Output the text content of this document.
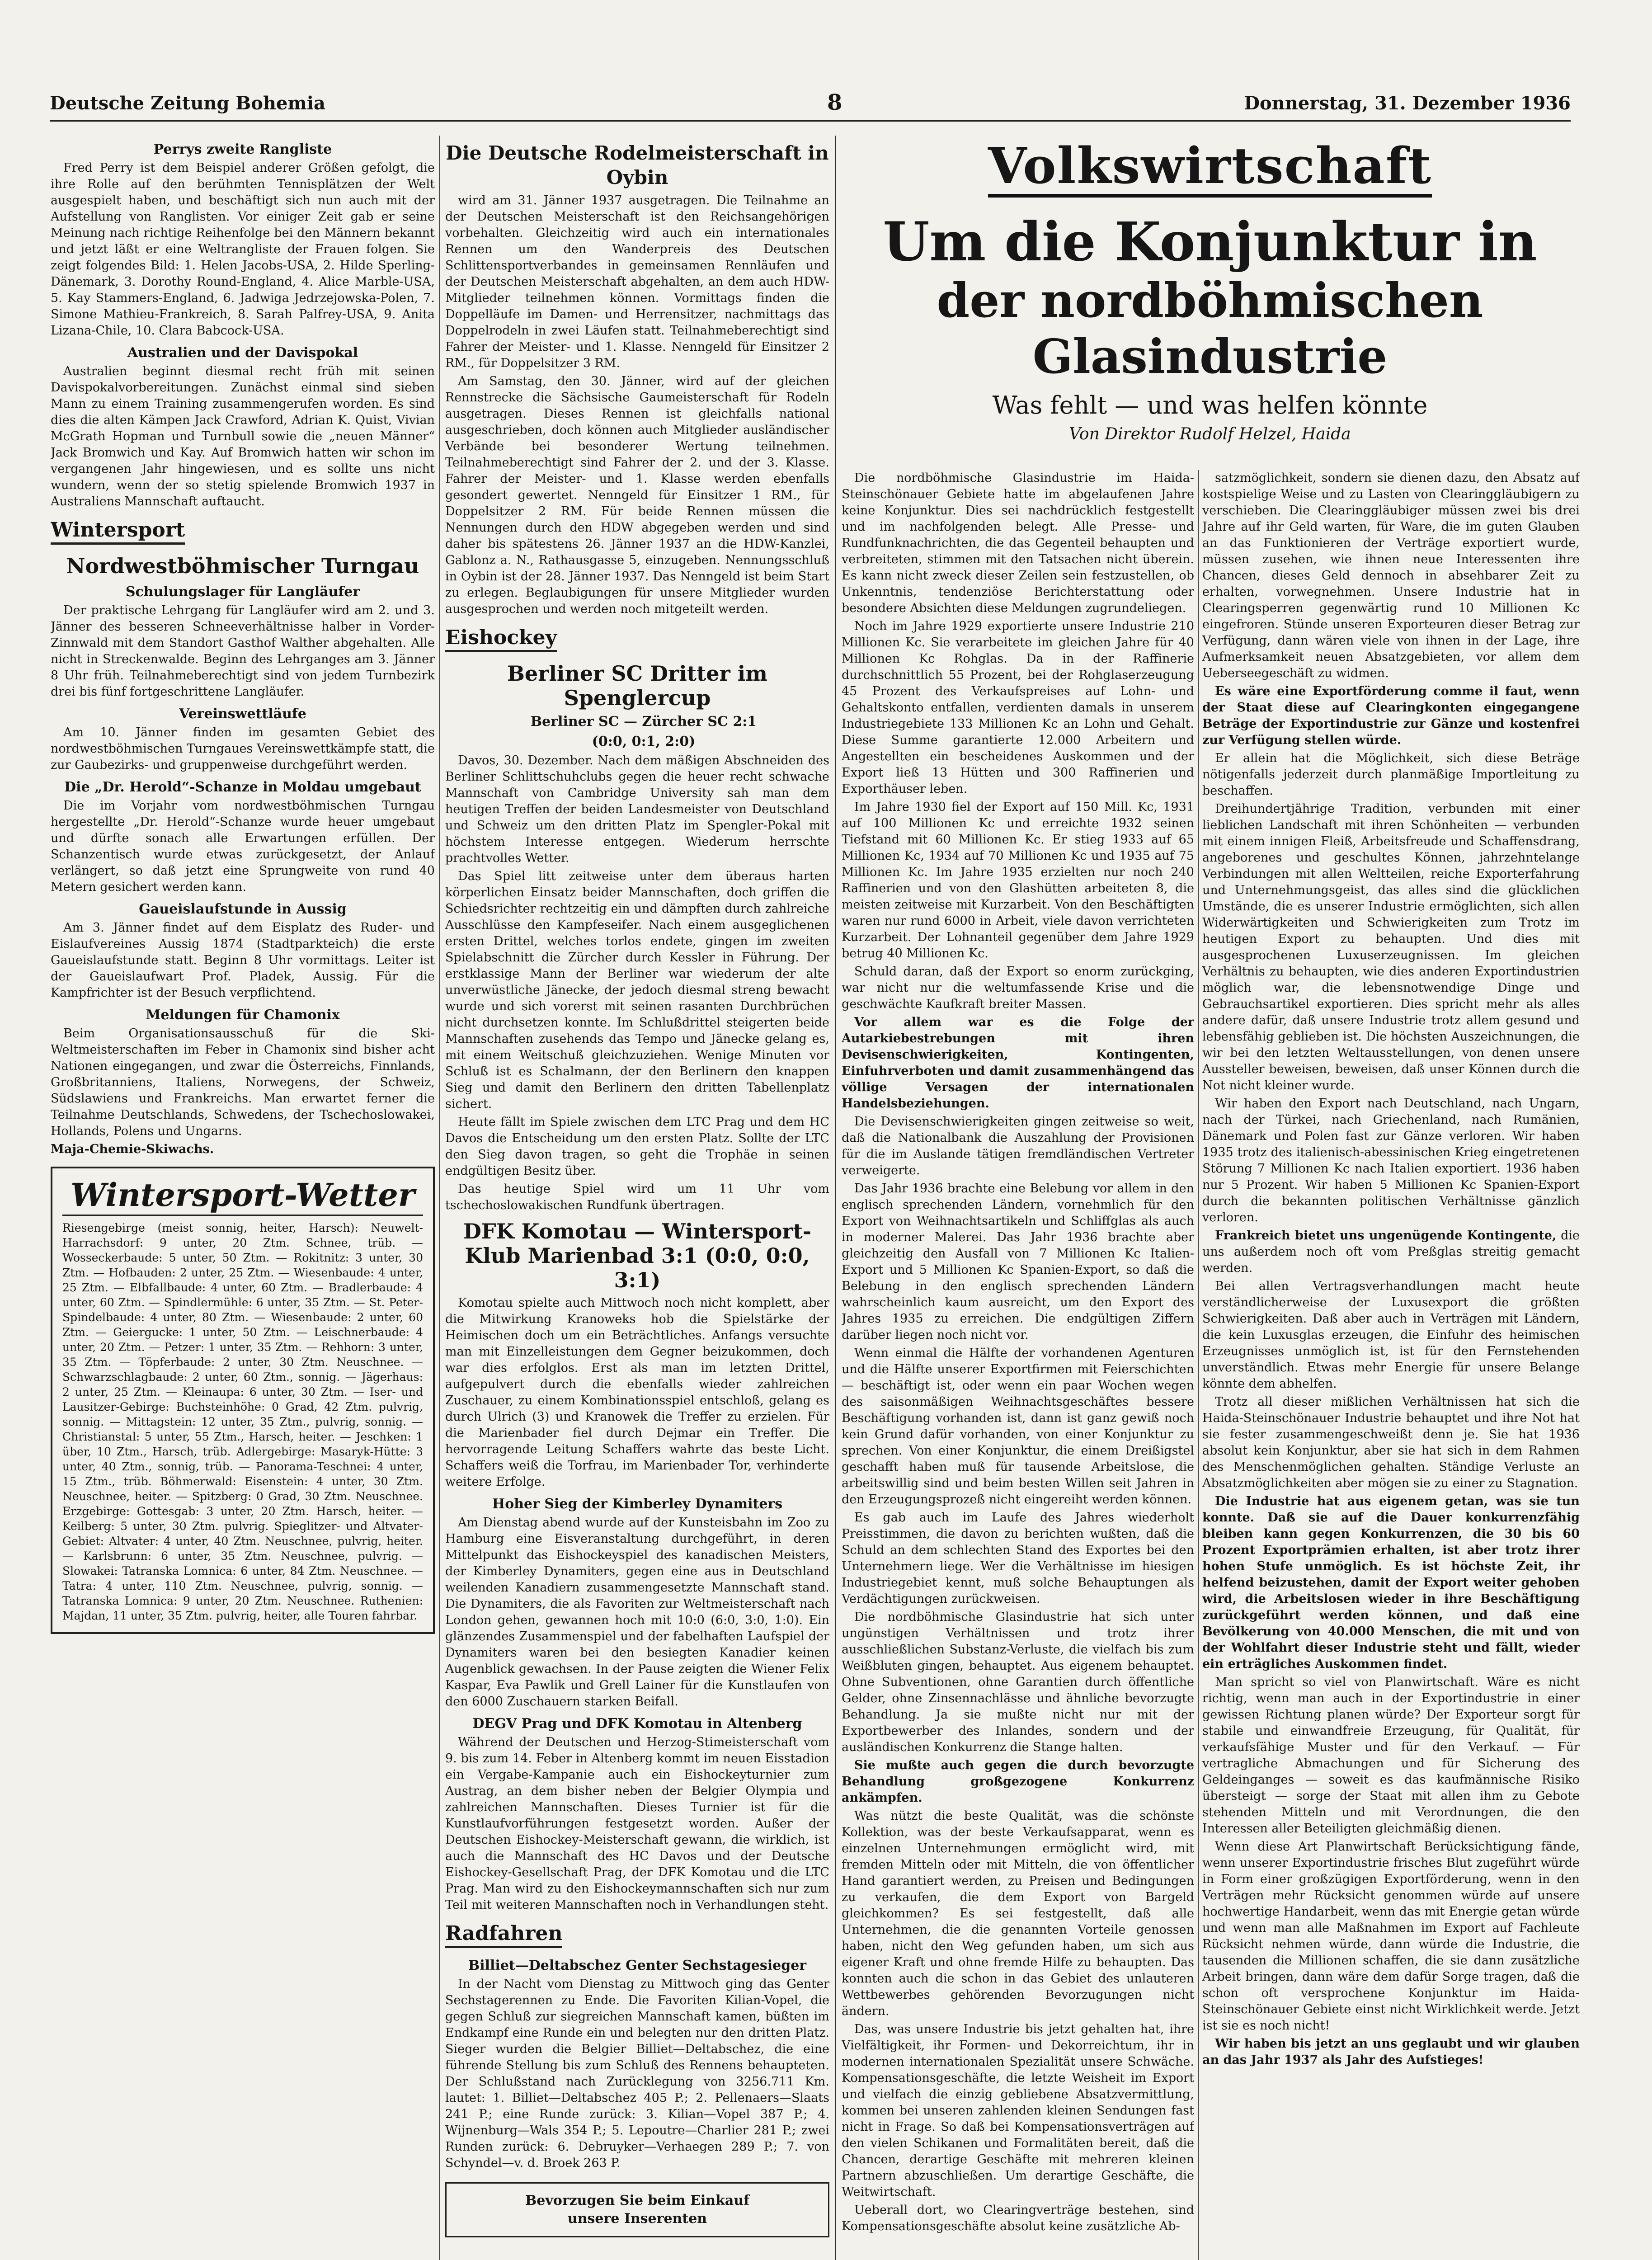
Deutsche Zeitung Bohemia	8	Donnerstag, 31. Dezember 1936
Perrys zweite Rangliste

Fred Perry ist dem Beispiel anderer Größen gefolgt, die ihre Rolle auf den berühmten Tennisplätzen der Welt ausgespielt haben, und beschäftigt sich nun auch mit der Aufstellung von Ranglisten. Vor einiger Zeit gab er seine Meinung nach richtige Reihenfolge bei den Männern bekannt und jetzt läßt er eine Weltrangliste der Frauen folgen. Sie zeigt folgendes Bild: 1. Helen Jacobs-USA, 2. Hilde Sperling-Dänemark, 3. Dorothy Round-England, 4. Alice Marble-USA, 5. Kay Stammers-England, 6. Jadwiga Jedrzejowska-Polen, 7. Simone Mathieu-Frankreich, 8. Sarah Palfrey-USA, 9. Anita Lizana-Chile, 10. Clara Babcock-USA.

Australien und der Davispokal

Australien beginnt diesmal recht früh mit seinen Davispokalvorbereitungen. Zunächst einmal sind sieben Mann zu einem Training zusammengerufen worden. Es sind dies die alten Kämpen Jack Crawford, Adrian K. Quist, Vivian McGrath Hopman und Turnbull sowie die „neuen Männer“ Jack Bromwich und Kay. Auf Bromwich hatten wir schon im vergangenen Jahr hingewiesen, und es sollte uns nicht wundern, wenn der so stetig spielende Bromwich 1937 in Australiens Mannschaft auftaucht.

Wintersport
Nordwestböhmischer Turngau
Schulungslager für Langläufer

Der praktische Lehrgang für Langläufer wird am 2. und 3. Jänner des besseren Schneeverhältnisse halber in Vorder-Zinnwald mit dem Standort Gasthof Walther abgehalten. Alle nicht in Streckenwalde. Beginn des Lehrganges am 3. Jänner 8 Uhr früh. Teilnahmeberechtigt sind von jedem Turnbezirk drei bis fünf fortgeschrittene Langläufer.

Vereinswettläufe

Am 10. Jänner finden im gesamten Gebiet des nordwestböhmischen Turngaues Vereinswettkämpfe statt, die zur Gaubezirks- und gruppenweise durchgeführt werden.

Die „Dr. Herold“-Schanze in Moldau umgebaut

Die im Vorjahr vom nordwestböhmischen Turngau hergestellte „Dr. Herold“-Schanze wurde heuer umgebaut und dürfte sonach alle Erwartungen erfüllen. Der Schanzentisch wurde etwas zurückgesetzt, der Anlauf verlängert, so daß jetzt eine Sprungweite von rund 40 Metern gesichert werden kann.

Gaueislaufstunde in Aussig

Am 3. Jänner findet auf dem Eisplatz des Ruder- und Eislaufvereines Aussig 1874 (Stadtparkteich) die erste Gaueislaufstunde statt. Beginn 8 Uhr vormittags. Leiter ist der Gaueislaufwart Prof. Pladek, Aussig. Für die Kampfrichter ist der Besuch verpflichtend.

Meldungen für Chamonix

Beim Organisationsausschuß für die Ski-Weltmeisterschaften im Feber in Chamonix sind bisher acht Nationen eingegangen, und zwar die Österreichs, Finnlands, Großbritanniens, Italiens, Norwegens, der Schweiz, Südslawiens und Frankreichs. Man erwartet ferner die Teilnahme Deutschlands, Schwedens, der Tschechoslowakei, Hollands, Polens und Ungarns.

Maja-Chemie-Skiwachs.

Wintersport-Wetter

Riesengebirge (meist sonnig, heiter, Harsch): Neuwelt-Harrachsdorf: 9 unter, 20 Ztm. Schnee, trüb. — Wosseckerbaude: 5 unter, 50 Ztm. — Rokitnitz: 3 unter, 30 Ztm. — Hofbauden: 2 unter, 25 Ztm. — Wiesenbaude: 4 unter, 25 Ztm. — Elbfallbaude: 4 unter, 60 Ztm. — Bradlerbaude: 4 unter, 60 Ztm. — Spindlermühle: 6 unter, 35 Ztm. — St. Peter-Spindelbaude: 4 unter, 80 Ztm. — Wiesenbaude: 2 unter, 60 Ztm. — Geiergucke: 1 unter, 50 Ztm. — Leischnerbaude: 4 unter, 20 Ztm. — Petzer: 1 unter, 35 Ztm. — Rehhorn: 3 unter, 35 Ztm. — Töpferbaude: 2 unter, 30 Ztm. Neuschnee. — Schwarzschlagbaude: 2 unter, 60 Ztm., sonnig. — Jägerhaus: 2 unter, 25 Ztm. — Kleinaupa: 6 unter, 30 Ztm. — Iser- und Lausitzer-Gebirge: Buchsteinhöhe: 0 Grad, 42 Ztm. pulvrig, sonnig. — Mittagstein: 12 unter, 35 Ztm., pulvrig, sonnig. — Christianstal: 5 unter, 55 Ztm., Harsch, heiter. — Jeschken: 1 über, 10 Ztm., Harsch, trüb. Adlergebirge: Masaryk-Hütte: 3 unter, 40 Ztm., sonnig, trüb. — Panorama-Teschnei: 4 unter, 15 Ztm., trüb. Böhmerwald: Eisenstein: 4 unter, 30 Ztm. Neuschnee, heiter. — Spitzberg: 0 Grad, 30 Ztm. Neuschnee. Erzgebirge: Gottesgab: 3 unter, 20 Ztm. Harsch, heiter. — Keilberg: 5 unter, 30 Ztm. pulvrig. Spieglitzer- und Altvater-Gebiet: Altvater: 4 unter, 40 Ztm. Neuschnee, pulvrig, heiter. — Karlsbrunn: 6 unter, 35 Ztm. Neuschnee, pulvrig. — Slowakei: Tatranska Lomnica: 6 unter, 84 Ztm. Neuschnee. — Tatra: 4 unter, 110 Ztm. Neuschnee, pulvrig, sonnig. — Tatranska Lomnica: 9 unter, 20 Ztm. Neuschnee. Ruthenien: Majdan, 11 unter, 35 Ztm. pulvrig, heiter, alle Touren fahrbar.

Die Deutsche Rodelmeisterschaft in Oybin

wird am 31. Jänner 1937 ausgetragen. Die Teilnahme an der Deutschen Meisterschaft ist den Reichsangehörigen vorbehalten. Gleichzeitig wird auch ein internationales Rennen um den Wanderpreis des Deutschen Schlittensportverbandes in gemeinsamen Rennläufen und der Deutschen Meisterschaft abgehalten, an dem auch HDW-Mitglieder teilnehmen können. Vormittags finden die Doppelläufe im Damen- und Herrensitzer, nachmittags das Doppelrodeln in zwei Läufen statt. Teilnahmeberechtigt sind Fahrer der Meister- und 1. Klasse. Nenngeld für Einsitzer 2 RM., für Doppelsitzer 3 RM.

Am Samstag, den 30. Jänner, wird auf der gleichen Rennstrecke die Sächsische Gaumeisterschaft für Rodeln ausgetragen. Dieses Rennen ist gleichfalls national ausgeschrieben, doch können auch Mitglieder ausländischer Verbände bei besonderer Wertung teilnehmen. Teilnahmeberechtigt sind Fahrer der 2. und der 3. Klasse. Fahrer der Meister- und 1. Klasse werden ebenfalls gesondert gewertet. Nenngeld für Einsitzer 1 RM., für Doppelsitzer 2 RM. Für beide Rennen müssen die Nennungen durch den HDW abgegeben werden und sind daher bis spätestens 26. Jänner 1937 an die HDW-Kanzlei, Gablonz a. N., Rathausgasse 5, einzugeben. Nennungsschluß in Oybin ist der 28. Jänner 1937. Das Nenngeld ist beim Start zu erlegen. Beglaubigungen für unsere Mitglieder wurden ausgesprochen und werden noch mitgeteilt werden.

Eishockey
Berliner SC Dritter im Spenglercup

Berliner SC — Zürcher SC 2:1

(0:0, 0:1, 2:0)

Davos, 30. Dezember. Nach dem mäßigen Abschneiden des Berliner Schlittschuhclubs gegen die heuer recht schwache Mannschaft von Cambridge University sah man dem heutigen Treffen der beiden Landesmeister von Deutschland und Schweiz um den dritten Platz im Spengler-Pokal mit höchstem Interesse entgegen. Wiederum herrschte prachtvolles Wetter.

Das Spiel litt zeitweise unter dem überaus harten körperlichen Einsatz beider Mannschaften, doch griffen die Schiedsrichter rechtzeitig ein und dämpften durch zahlreiche Ausschlüsse den Kampfeseifer. Nach einem ausgeglichenen ersten Drittel, welches torlos endete, gingen im zweiten Spielabschnitt die Zürcher durch Kessler in Führung. Der erstklassige Mann der Berliner war wiederum der alte unverwüstliche Jänecke, der jedoch diesmal streng bewacht wurde und sich vorerst mit seinen rasanten Durchbrüchen nicht durchsetzen konnte. Im Schlußdrittel steigerten beide Mannschaften zusehends das Tempo und Jänecke gelang es, mit einem Weitschuß gleichzuziehen. Wenige Minuten vor Schluß ist es Schalmann, der den Berlinern den knappen Sieg und damit den Berlinern den dritten Tabellenplatz sichert.

Heute fällt im Spiele zwischen dem LTC Prag und dem HC Davos die Entscheidung um den ersten Platz. Sollte der LTC den Sieg davon tragen, so geht die Trophäe in seinen endgültigen Besitz über.

Das heutige Spiel wird um 11 Uhr vom tschechoslowakischen Rundfunk übertragen.

DFK Komotau — Wintersport-Klub Marienbad 3:1 (0:0, 0:0, 3:1)

Komotau spielte auch Mittwoch noch nicht komplett, aber die Mitwirkung Kranoweks hob die Spielstärke der Heimischen doch um ein Beträchtliches. Anfangs versuchte man mit Einzelleistungen dem Gegner beizukommen, doch war dies erfolglos. Erst als man im letzten Drittel, aufgepulvert durch die ebenfalls wieder zahlreichen Zuschauer, zu einem Kombinationsspiel entschloß, gelang es durch Ulrich (3) und Kranowek die Treffer zu erzielen. Für die Marienbader fiel durch Dejmar ein Treffer. Die hervorragende Leitung Schaffers wahrte das beste Licht. Schaffers weiß die Torfrau, im Marienbader Tor, verhinderte weitere Erfolge.

Hoher Sieg der Kimberley Dynamiters

Am Dienstag abend wurde auf der Kunsteisbahn im Zoo zu Hamburg eine Eisveranstaltung durchgeführt, in deren Mittelpunkt das Eishockeyspiel des kanadischen Meisters, der Kimberley Dynamiters, gegen eine aus in Deutschland weilenden Kanadiern zusammengesetzte Mannschaft stand. Die Dynamiters, die als Favoriten zur Weltmeisterschaft nach London gehen, gewannen hoch mit 10:0 (6:0, 3:0, 1:0). Ein glänzendes Zusammenspiel und der fabelhaften Laufspiel der Dynamiters waren bei den besiegten Kanadier keinen Augenblick gewachsen. In der Pause zeigten die Wiener Felix Kaspar, Eva Pawlik und Grell Lainer für die Kunstlaufen von den 6000 Zuschauern starken Beifall.

DEGV Prag und DFK Komotau in Altenberg

Während der Deutschen und Herzog-Stimeisterschaft vom 9. bis zum 14. Feber in Altenberg kommt im neuen Eisstadion ein Vergabe-Kampanie auch ein Eishockeyturnier zum Austrag, an dem bisher neben der Belgier Olympia und zahlreichen Mannschaften. Dieses Turnier ist für die Kunstlaufvorführungen festgesetzt worden. Außer der Deutschen Eishockey-Meisterschaft gewann, die wirklich, ist auch die Mannschaft des HC Davos und der Deutsche Eishockey-Gesellschaft Prag, der DFK Komotau und die LTC Prag. Man wird zu den Eishockeymannschaften sich nur zum Teil mit weiteren Mannschaften noch in Verhandlungen steht.

Radfahren
Billiet—Deltabschez Genter Sechstagesieger

In der Nacht vom Dienstag zu Mittwoch ging das Genter Sechstagerennen zu Ende. Die Favoriten Kilian-Vopel, die gegen Schluß zur siegreichen Mannschaft kamen, büßten im Endkampf eine Runde ein und belegten nur den dritten Platz. Sieger wurden die Belgier Billiet—Deltabschez, die eine führende Stellung bis zum Schluß des Rennens behaupteten. Der Schlußstand nach Zurücklegung von 3256.711 Km. lautet: 1. Billiet—Deltabschez 405 P.; 2. Pellenaers—Slaats 241 P.; eine Runde zurück: 3. Kilian—Vopel 387 P.; 4. Wijnenburg—Wals 354 P.; 5. Lepoutre—Charlier 281 P.; zwei Runden zurück: 6. Debruyker—Verhaegen 289 P.; 7. von Schyndel—v. d. Broek 263 P.

Bevorzugen Sie beim Einkauf
unsere Inserenten
Volkswirtschaft
Um die Konjunktur in
der nordböhmischen Glasindustrie
Was fehlt — und was helfen könnte
Von Direktor Rudolf Helzel, Haida

Die nordböhmische Glasindustrie im Haida-Steinschönauer Gebiete hatte im abgelaufenen Jahre keine Konjunktur. Dies sei nachdrücklich festgestellt und im nachfolgenden belegt. Alle Presse- und Rundfunknachrichten, die das Gegenteil behaupten und verbreiteten, stimmen mit den Tatsachen nicht überein. Es kann nicht zweck dieser Zeilen sein festzustellen, ob Unkenntnis, tendenziöse Berichterstattung oder besondere Absichten diese Meldungen zugrundeliegen.

Noch im Jahre 1929 exportierte unsere Industrie 210 Millionen Kc. Sie verarbeitete im gleichen Jahre für 40 Millionen Kc Rohglas. Da in der Raffinerie durchschnittlich 55 Prozent, bei der Rohglaserzeugung 45 Prozent des Verkaufspreises auf Lohn- und Gehaltskonto entfallen, verdienten damals in unserem Industriegebiete 133 Millionen Kc an Lohn und Gehalt. Diese Summe garantierte 12.000 Arbeitern und Angestellten ein bescheidenes Auskommen und der Export ließ 13 Hütten und 300 Raffinerien und Exporthäuser leben.

Im Jahre 1930 fiel der Export auf 150 Mill. Kc, 1931 auf 100 Millionen Kc und erreichte 1932 seinen Tiefstand mit 60 Millionen Kc. Er stieg 1933 auf 65 Millionen Kc, 1934 auf 70 Millionen Kc und 1935 auf 75 Millionen Kc. Im Jahre 1935 erzielten nur noch 240 Raffinerien und von den Glashütten arbeiteten 8, die meisten zeitweise mit Kurzarbeit. Von den Beschäftigten waren nur rund 6000 in Arbeit, viele davon verrichteten Kurzarbeit. Der Lohnanteil gegenüber dem Jahre 1929 betrug 40 Millionen Kc.

Schuld daran, daß der Export so enorm zurückging, war nicht nur die weltumfassende Krise und die geschwächte Kaufkraft breiter Massen.

Vor allem war es die Folge der Autarkiebestrebungen mit ihren Devisenschwierigkeiten, Kontingenten, Einfuhrverboten und damit zusammenhängend das völlige Versagen der internationalen Handelsbeziehungen.

Die Devisenschwierigkeiten gingen zeitweise so weit, daß die Nationalbank die Auszahlung der Provisionen für die im Auslande tätigen fremdländischen Vertreter verweigerte.

Das Jahr 1936 brachte eine Belebung vor allem in den englisch sprechenden Ländern, vornehmlich für den Export von Weihnachtsartikeln und Schliffglas als auch in moderner Malerei. Das Jahr 1936 brachte aber gleichzeitig den Ausfall von 7 Millionen Kc Italien-Export und 5 Millionen Kc Spanien-Export, so daß die Belebung in den englisch sprechenden Ländern wahrscheinlich kaum ausreicht, um den Export des Jahres 1935 zu erreichen. Die endgültigen Ziffern darüber liegen noch nicht vor.

Wenn einmal die Hälfte der vorhandenen Agenturen und die Hälfte unserer Exportfirmen mit Feierschichten — beschäftigt ist, oder wenn ein paar Wochen wegen des saisonmäßigen Weihnachtsgeschäftes bessere Beschäftigung vorhanden ist, dann ist ganz gewiß noch kein Grund dafür vorhanden, von einer Konjunktur zu sprechen. Von einer Konjunktur, die einem Dreißigstel geschafft haben muß für tausende Arbeitslose, die arbeitswillig sind und beim besten Willen seit Jahren in den Erzeugungsprozeß nicht eingereiht werden können.

Es gab auch im Laufe des Jahres wiederholt Preisstimmen, die davon zu berichten wußten, daß die Schuld an dem schlechten Stand des Exportes bei den Unternehmern liege. Wer die Verhältnisse im hiesigen Industriegebiet kennt, muß solche Behauptungen als Verdächtigungen zurückweisen.

Die nordböhmische Glasindustrie hat sich unter ungünstigen Verhältnissen und trotz ihrer ausschließlichen Substanz-Verluste, die vielfach bis zum Weißbluten gingen, behauptet. Aus eigenem behauptet. Ohne Subventionen, ohne Garantien durch öffentliche Gelder, ohne Zinsennachlässe und ähnliche bevorzugte Behandlung. Ja sie mußte nicht nur mit der Exportbewerber des Inlandes, sondern und der ausländischen Konkurrenz die Stange halten.

Sie mußte auch gegen die durch bevorzugte Behandlung großgezogene Konkurrenz ankämpfen.

Was nützt die beste Qualität, was die schönste Kollektion, was der beste Verkaufsapparat, wenn es einzelnen Unternehmungen ermöglicht wird, mit fremden Mitteln oder mit Mitteln, die von öffentlicher Hand garantiert werden, zu Preisen und Bedingungen zu verkaufen, die dem Export von Bargeld gleichkommen? Es sei festgestellt, daß alle Unternehmen, die die genannten Vorteile genossen haben, nicht den Weg gefunden haben, um sich aus eigener Kraft und ohne fremde Hilfe zu behaupten. Das konnten auch die schon in das Gebiet des unlauteren Wettbewerbes gehörenden Bevorzugungen nicht ändern.

Das, was unsere Industrie bis jetzt gehalten hat, ihre Vielfältigkeit, ihr Formen- und Dekorreichtum, ihr in modernen internationalen Spezialität unsere Schwäche. Kompensationsgeschäfte, die letzte Weisheit im Export und vielfach die einzig gebliebene Absatzvermittlung, kommen bei unseren zahlenden kleinen Sendungen fast nicht in Frage. So daß bei Kompensationsverträgen auf den vielen Schikanen und Formalitäten bereit, daß die Chancen, derartige Geschäfte mit mehreren kleinen Partnern abzuschließen. Um derartige Geschäfte, die Weitwirtschaft.

Ueberall dort, wo Clearingverträge bestehen, sind Kompensationsgeschäfte absolut keine zusätzliche Ab-

satzmöglichkeit, sondern sie dienen dazu, den Absatz auf kostspielige Weise und zu Lasten von Clearinggläubigern zu verschieben. Die Clearinggläubiger müssen zwei bis drei Jahre auf ihr Geld warten, für Ware, die im guten Glauben an das Funktionieren der Verträge exportiert wurde, müssen zusehen, wie ihnen neue Interessenten ihre Chancen, dieses Geld dennoch in absehbarer Zeit zu erhalten, vorwegnehmen. Unsere Industrie hat in Clearingsperren gegenwärtig rund 10 Millionen Kc eingefroren. Stünde unseren Exporteuren dieser Betrag zur Verfügung, dann wären viele von ihnen in der Lage, ihre Aufmerksamkeit neuen Absatzgebieten, vor allem dem Ueberseegeschäft zu widmen.

Es wäre eine Exportförderung comme il faut, wenn der Staat diese auf Clearingkonten eingegangene Beträge der Exportindustrie zur Gänze und kostenfrei zur Verfügung stellen würde.

Er allein hat die Möglichkeit, sich diese Beträge nötigenfalls jederzeit durch planmäßige Importleitung zu beschaffen.

Dreihundertjährige Tradition, verbunden mit einer lieblichen Landschaft mit ihren Schönheiten — verbunden mit einem innigen Fleiß, Arbeitsfreude und Schaffensdrang, angeborenes und geschultes Können, jahrzehntelange Verbindungen mit allen Weltteilen, reiche Exporterfahrung und Unternehmungsgeist, das alles sind die glücklichen Umstände, die es unserer Industrie ermöglichten, sich allen Widerwärtigkeiten und Schwierigkeiten zum Trotz im heutigen Export zu behaupten. Und dies mit ausgesprochenen Luxuserzeugnissen. Im gleichen Verhältnis zu behaupten, wie dies anderen Exportindustrien möglich war, die lebensnotwendige Dinge und Gebrauchsartikel exportieren. Dies spricht mehr als alles andere dafür, daß unsere Industrie trotz allem gesund und lebensfähig geblieben ist. Die höchsten Auszeichnungen, die wir bei den letzten Weltausstellungen, von denen unsere Aussteller beweisen, beweisen, daß unser Können durch die Not nicht kleiner wurde.

Wir haben den Export nach Deutschland, nach Ungarn, nach der Türkei, nach Griechenland, nach Rumänien, Dänemark und Polen fast zur Gänze verloren. Wir haben 1935 trotz des italienisch-abessinischen Krieg eingetretenen Störung 7 Millionen Kc nach Italien exportiert. 1936 haben nur 5 Prozent. Wir haben 5 Millionen Kc Spanien-Export durch die bekannten politischen Verhältnisse gänzlich verloren.

Frankreich bietet uns ungenügende Kontingente, die uns außerdem noch oft vom Preßglas streitig gemacht werden.

Bei allen Vertragsverhandlungen macht heute verständlicherweise der Luxusexport die größten Schwierigkeiten. Daß aber auch in Verträgen mit Ländern, die kein Luxusglas erzeugen, die Einfuhr des heimischen Erzeugnisses unmöglich ist, ist für den Fernstehenden unverständlich. Etwas mehr Energie für unsere Belange könnte dem abhelfen.

Trotz all dieser mißlichen Verhältnissen hat sich die Haida-Steinschönauer Industrie behauptet und ihre Not hat sie fester zusammengeschweißt denn je. Sie hat 1936 absolut kein Konjunktur, aber sie hat sich in dem Rahmen des Menschenmöglichen gehalten. Ständige Verluste an Absatzmöglichkeiten aber mögen sie zu einer zu Stagnation.

Die Industrie hat aus eigenem getan, was sie tun konnte. Daß sie auf die Dauer konkurrenzfähig bleiben kann gegen Konkurrenzen, die 30 bis 60 Prozent Exportprämien erhalten, ist aber trotz ihrer hohen Stufe unmöglich. Es ist höchste Zeit, ihr helfend beizustehen, damit der Export weiter gehoben wird, die Arbeitslosen wieder in ihre Beschäftigung zurückgeführt werden können, und daß eine Bevölkerung von 40.000 Menschen, die mit und von der Wohlfahrt dieser Industrie steht und fällt, wieder ein erträgliches Auskommen findet.

Man spricht so viel von Planwirtschaft. Wäre es nicht richtig, wenn man auch in der Exportindustrie in einer gewissen Richtung planen würde? Der Exporteur sorgt für stabile und einwandfreie Erzeugung, für Qualität, für verkaufsfähige Muster und für den Verkauf. — Für vertragliche Abmachungen und für Sicherung des Geldeinganges — soweit es das kaufmännische Risiko übersteigt — sorge der Staat mit allen ihm zu Gebote stehenden Mitteln und mit Verordnungen, die den Interessen aller Beteiligten gleichmäßig dienen.

Wenn diese Art Planwirtschaft Berücksichtigung fände, wenn unserer Exportindustrie frisches Blut zugeführt würde in Form einer großzügigen Exportförderung, wenn in den Verträgen mehr Rücksicht genommen würde auf unsere hochwertige Handarbeit, wenn das mit Energie getan würde und wenn man alle Maßnahmen im Export auf Fachleute Rücksicht nehmen würde, dann würde die Industrie, die tausenden die Millionen schaffen, die sie dann zusätzliche Arbeit bringen, dann wäre dem dafür Sorge tragen, daß die schon oft versprochene Konjunktur im Haida-Steinschönauer Gebiete einst nicht Wirklichkeit werde. Jetzt ist sie es noch nicht!

Wir haben bis jetzt an uns geglaubt und wir glauben an das Jahr 1937 als Jahr des Aufstieges!
